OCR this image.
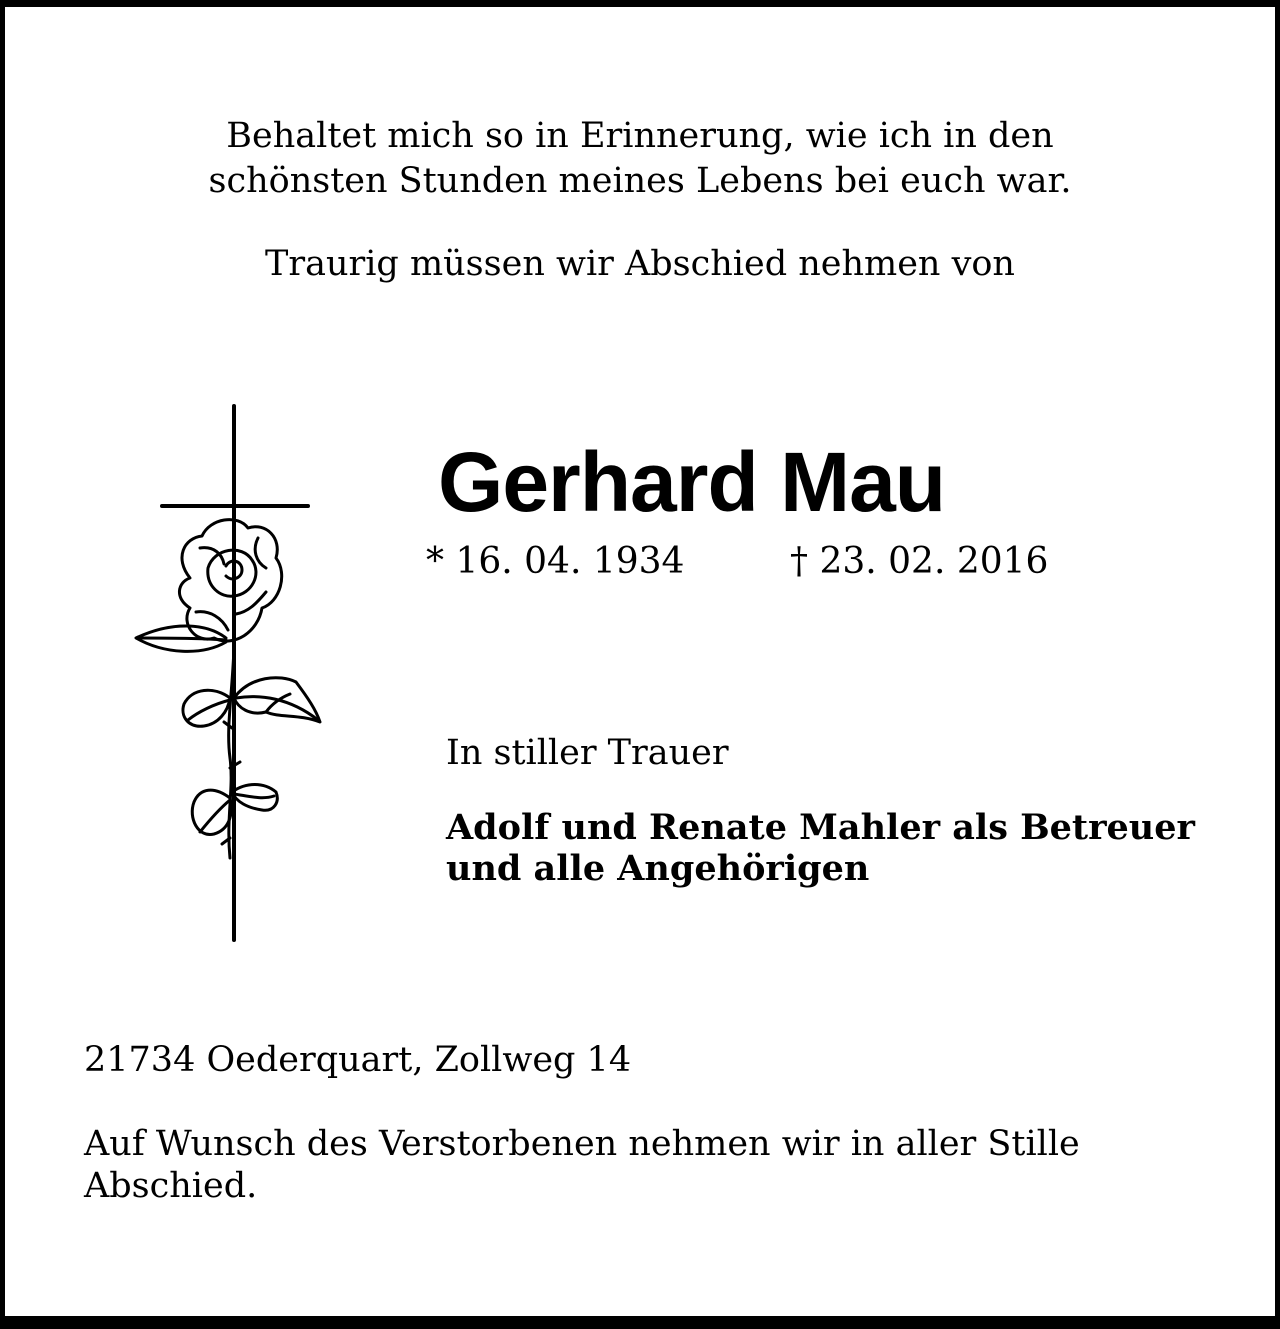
Behaltet mich so in Erinnerung, wie ich in den
schönsten Stunden meines Lebens bei euch war.
Traurig müssen wir Abschied nehmen von
Gerhard Mau
* 16. 04. 1934	† 23. 02. 2016
In stiller Trauer
Adolf und Renate Mahler als Betreuer
und alle Angehörigen
21734 Oederquart, Zollweg 14
Auf Wunsch des Verstorbenen nehmen wir in aller Stille
Abschied.
